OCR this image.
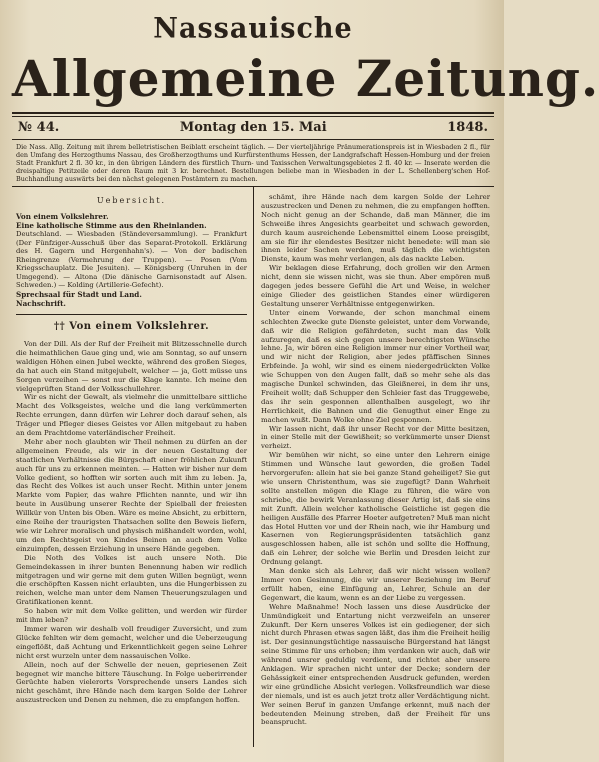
Nassauische
Allgemeine Zeitung.
№ 44.	Montag den 15. Mai	1848.
Die Nass. Allg. Zeitung mit ihrem belletristischen Beiblatt erscheint täglich. — Der vierteljährige Pränumerationspreis ist in Wiesbaden 2 fl., für den Umfang des Herzogthums Nassau, des Großherzogthums und Kurfürstenthums Hessen, der Landgrafschaft Hessen-Homburg und der freien Stadt Frankfurt 2 fl. 30 kr., in den übrigen Ländern des fürstlich Thurn- und Taxisschen Verwaltungsgebietes 2 fl. 40 kr. — Inserate werden die dreispaltige Petitzeile oder deren Raum mit 3 kr. berechnet. Bestellungen beliebe man in Wiesbaden in der L. Schellenberg'schen Hof-Buchhandlung auswärts bei den nächst gelegenen Postämtern zu machen.
Uebersicht.
Von einem Volkslehrer.
Eine katholische Stimme aus den Rheinlanden.
Deutschland. — Wiesbaden (Ständeversammlung). — Frankfurt (Der Fünfziger-Ausschuß über das Separat-Protokoll. Erklärung des H. Gagern und Hergenhahn's). — Von der badischen Rheingrenze (Vermehrung der Truppen). — Posen (Vom Kriegsschauplatz. Die Jesuiten). — Königsberg (Unruhen in der Umgegend). — Altona (Die dänische Garnisonstadt auf Alsen. Schweden.) — Kolding (Artillerie-Gefecht).
Sprechsaal für Stadt und Land.
Nachschrift.
†† Von einem Volkslehrer.

Von der Dill. Als der Ruf der Freiheit mit Blitzesschnelle durch die heimathlichen Gaue ging und, wie am Sonntag, so auf unsern waldigen Höhen einen Jubel weckte, während des großen Sieges, da hat auch ein Stand mitgejubelt, welcher — ja, Gott müsse uns Sorgen verzeihen — sonst nur die Klage kannte. Ich meine den vielgeprüften Stand der Volksschullehrer.

Wir es nicht der Gewalt, als vielmehr die unmittelbare sittliche Macht des Volksgeistes, welche und die lang verkümmerten Rechte errungen, dann dürfen wir Lehrer doch darauf sehen, als Träger und Pfleger dieses Geistes vor Allen mitgebaut zu haben an dem Prachtdome vaterländischer Freiheit.

Mehr aber noch glaubten wir Theil nehmen zu dürfen an der allgemeinen Freude, als wir in der neuen Gestaltung der staatlichen Verhältnisse die Bürgschaft einer fröhlichen Zukunft auch für uns zu erkennen meinten. — Hatten wir bisher nur dem Volke gedient, so hofften wir sorten auch mit ihm zu leben. Ja, das Recht des Volkes ist auch unser Recht. Mithin unter jenem Markte vom Papier, das wahre Pflichten nannte, und wir ihn beute in Ausübung unserer Rechte der Spielball der freiesten Willkür von Unten bis Oben. Wäre es meine Absicht, zu erbittern, eine Reihe der traurigsten Thatsachen sollte den Beweis liefern, wie wir Lehrer moralisch und physisch mißhandelt worden, wohl, um den Rechtsgeist von Kindes Beinen an auch dem Volke einzuimpfen, dessen Erziehung in unsere Hände gegeben.

Die Noth des Volkes ist auch unsere Noth. Die Gemeindekassen in ihrer bunten Benennung haben wir redlich mitgetragen und wir gerne mit dem guten Willen begnügt, wenn die erschöpften Kassen nicht erlaubten, uns die Hungerbissen zu reichen, welche man unter dem Namen Theuerungszulagen und Gratifikationen kennt.

So haben wir mit dem Volke gelitten, und werden wir fürder mit ihm leben?

Immer waren wir deshalb voll freudiger Zuversicht, und zum Glücke fehlten wir dem gemacht, welcher und die Ueberzeugung eingeflößt, daß Achtung und Erkenntlichkeit gegen seine Lehrer nicht erst wurzeln unter dem nassauischen Volke.

Allein, noch auf der Schwelle der neuen, gepriesenen Zeit begegnet wir manche bittere Täuschung. In Folge ueberirrender Gerüchte haben vielerorts Vorsprechende unsers Landes sich nicht geschämt, ihre Hände nach dem kargen Solde der Lehrer auszustrecken und Denen zu nehmen, die zu empfangen hoffen.

schämt, ihre Hände nach dem kargen Solde der Lehrer auszustrecken und Denen zu nehmen, die zu empfangen hofften. Noch nicht genug an der Schande, daß man Männer, die im Schweiße ihres Angesichts gearbeitet und schwach geworden, durch kaum ausreichende Lebensmittel einem Loose preisgibt, am sie für ihr elendestes Besitzer nicht benedete: will man sie ihnen leider Sachen werden, muß täglich die wichtigsten Dienste, kaum was mehr verlangen, als das nackte Leben.

Wir beklagen diese Erfahrung, doch grollen wir den Armen nicht, denn sie wissen nicht, was sie thun. Aber empören muß dagegen jedes bessere Gefühl die Art und Weise, in welcher einige Glieder des geistlichen Standes einer würdigeren Gestaltung unserer Verhältnisse entgegenwirken.

Unter einem Vorwande, der schon manchmal einem schlechten Zwecke gute Dienste geleistet, unter dem Vorwande, daß wir die Religion gefährdeten, sucht man das Volk aufzuregen, daß es sich gegen unsere berechtigsten Wünsche lehne. Ja, wir bören eine Religion immer nur einer Vortheil war, und wir nicht der Religion, aber jedes pfäffischen Sinnes Erbfeinde. Ja wohl, wir sind es einem niedergedrückten Volke wie Schuppen von den Augen fallt, daß so mehr sehe als das magische Dunkel schwinden, das Gleißnerei, in dem ihr uns, Freiheit wollt; daß Schupper den Schleier fast das Truggewebe, das ihr sein gesponnen allenthalben ausgelegt, wo ihr Herrlichkeit, die Bahnen und die Genugthut einer Enge zu machen wußt. Dann Wolke ohne Ziel gesponnen.

Wir lassen nicht, daß ihr unser Recht vor der Mitte besitzen, in einer Stelle mit der Gewißheit; so verkümmerte unser Dienst verheizt.

Wir bemühen wir nicht, so eine unter den Lehrern einige Stimmen und Wünsche laut geworden, die großen Tadel hervorgerufen: allein hat sie bei ganze Stand geheiliget? Sie gut wie unsern Christenthum, was sie zugefügt? Dann Wahrheit sollte anstellen mögen die Klage zu führen, die wäre von schriebe, die bewirk Veranlassung dieser Artig ist, daß sie eins mit Zunft. Allein welcher katholische Geistliche ist gegen die heiligen Ausfälle des Pfarrer Hoeter aufgetreten? Muß man nicht das Hotel Hutten vor und der Rhein nach, wie ihr Hamburg und Kasernen von Regierungspräsidenten tatsächlich ganz ausgeschlossen haben, alle ist schön und sollte die Hoffnung, daß ein Lehrer, der solche wie Berlin und Dresden leicht zur Ordnung gelangt.

Man denke sich als Lehrer, daß wir nicht wissen wollen? Immer von Gesinnung, die wir unserer Beziehung im Beruf erfüllt haben, eine Einfügung an, Lehrer, Schule an der Gegenwart, die kaum, wenn es an der Liebe zu vergessen.

Wehre Maßnahme! Noch lassen uns diese Ausdrücke der Unmündigkeit und Entartung nicht verzweifeln an unserer Zukunft. Der Kern unseres Volkes ist ein gediegener, der sich nicht durch Phrasen etwas sagen läßt, das ihm die Freiheit heilig ist. Der gesinnungstüchtige nassauische Bürgerstand hat längst seine Stimme für uns erhoben; ihm verdanken wir auch, daß wir während unsrer geduldig verdient, und richtet aber unsere Anklagen. Wir sprachen nicht unter der Decke; sondern der Gehässigkeit einer entsprechenden Ausdruck gefunden, werden wir eine gründliche Absicht verlegen. Volksfreundlich war diese der niemals, und ist es auch jetzt trotz aller Verdächtigung nicht. Wer seinen Beruf in ganzen Umfange erkennt, muß nach der bedeutenden Meinung streben, daß der Freiheit für uns beansprucht.
